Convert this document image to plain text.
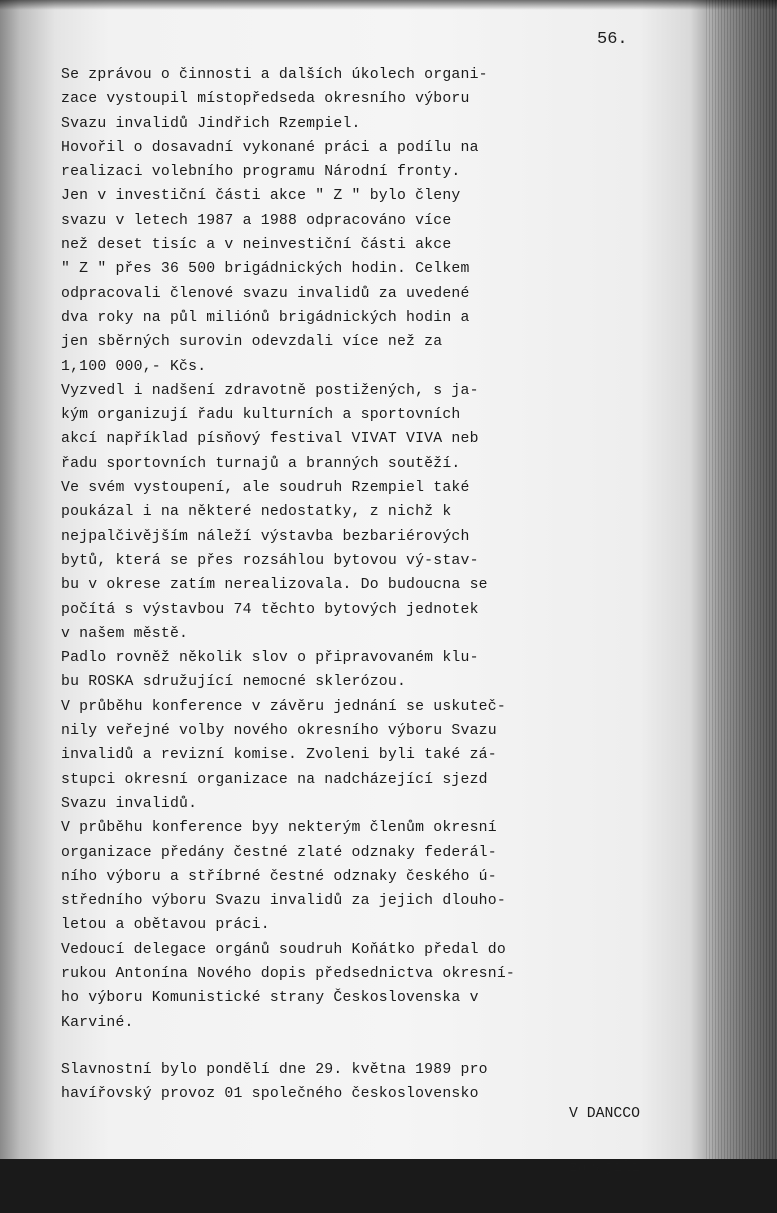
56.
Se zprávou o činnosti a dalších úkolech organi-
zace vystoupil místopředseda okresního výboru
Svazu invalidů Jindřich Rzempiel.
Hovořil o dosavadní vykonané práci a podílu na
realizaci volebního programu Národní fronty.
Jen v investiční části akce " Z " bylo členy
svazu v letech 1987 a 1988 odpracováno více
než deset tisíc a v neinvestiční části akce
" Z " přes 36 500 brigádnických hodin. Celkem
odpracovali členové svazu invalidů za uvedené
dva roky na půl miliónů brigádnických hodin a
jen sběrných surovin odevzdali více než za
1,100 000,- Kčs.
Vyzvedl i nadšení zdravotně postižených, s ja-
kým organizují řadu kulturních a sportovních
akcí například písňový festival VIVAT VIVA neb
řadu sportovních turnajů a branných soutěží.
Ve svém vystoupení, ale soudruh Rzempiel také
poukázal i na některé nedostatky, z nichž k
nejpalčivějším náleží výstavba bezbariérových
bytů, která se přes rozsáhlou bytovou vý-stav-
bu v okrese zatím nerealizovala. Do budoucna se
počítá s výstavbou 74 těchto bytových jednotek
v našem městě.
Padlo rovněž několik slov o připravovaném klu-
bu ROSKA sdružující nemocné sklerózou.
V průběhu konference v závěru jednání se uskuteč-
nily veřejné volby nového okresního výboru Svazu
invalidů a revizní komise. Zvoleni byli také zá-
stupci okresní organizace na nadcházející sjezd
Svazu invalidů.
V průběhu konference byy nekterým členům okresní
organizace předány čestné zlaté odznaky federál-
ního výboru a stříbrné čestné odznaky českého ú-
středního výboru Svazu invalidů za jejich dlouho-
letou a obětavou práci.
Vedoucí delegace orgánů soudruh Koňátko předal do
rukou Antonína Nového dopis předsednictva okresní-
ho výboru Komunistické strany Československa v
Karviné.
Slavnostní bylo pondělí dne 29. května 1989 pro
havířovský provoz 01 společného československo

V DANCCO

zahájili
